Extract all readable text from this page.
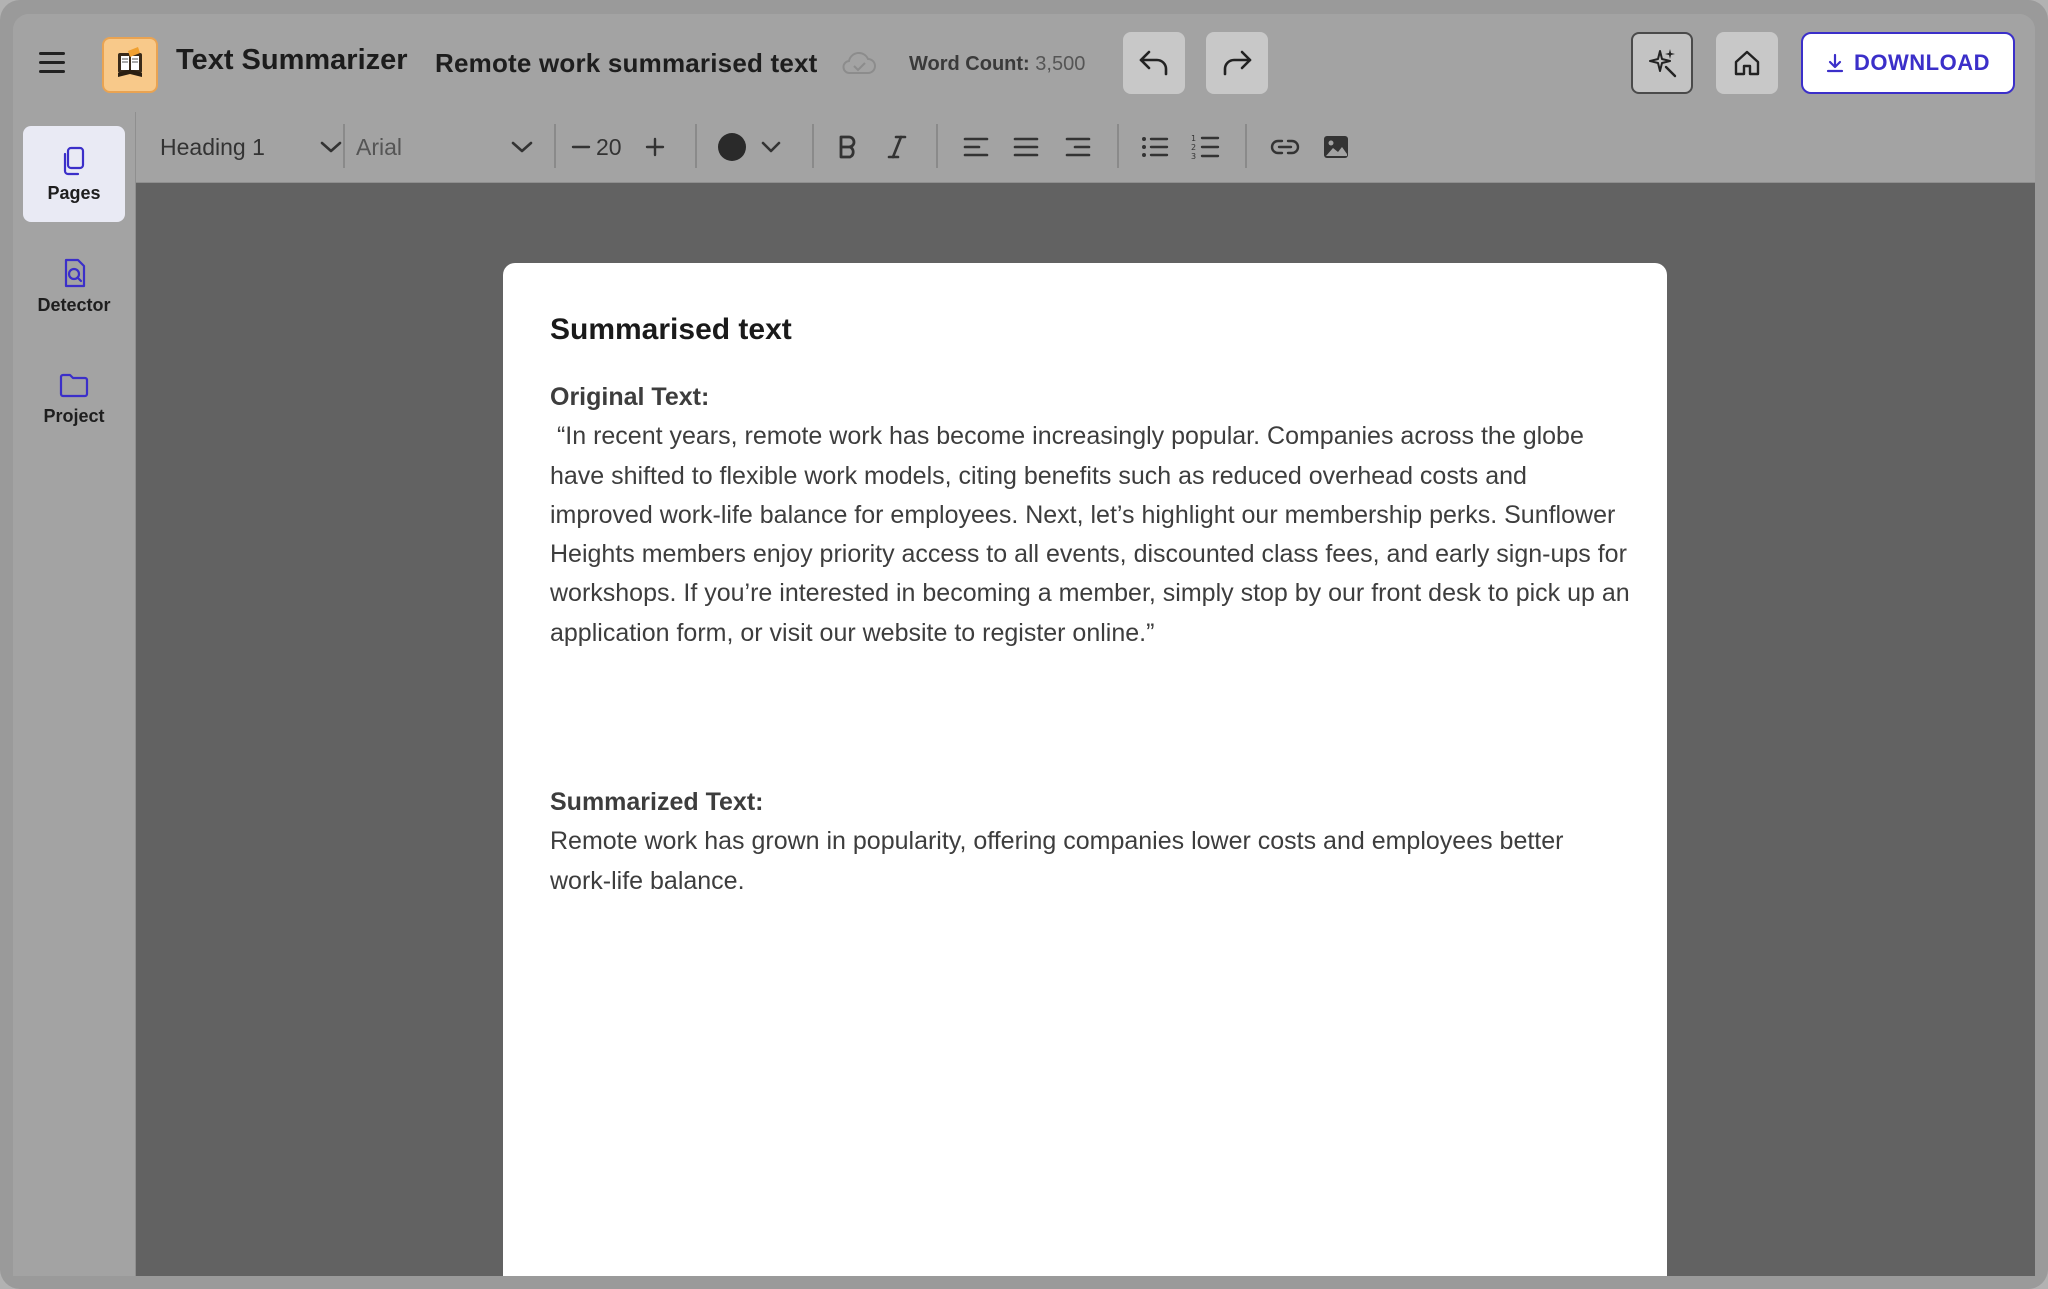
Text Summarizer Remote work summarised text	Word Count: 3,500	DOWNLOAD
Pages
Detector
Project
Heading 1	Arial	20	1
2
3
Summarised text
Original Text:
“In recent years, remote work has become increasingly popular. Companies across the globe have shifted to flexible work models, citing benefits such as reduced overhead costs and improved work-life balance for employees. Next, let’s highlight our membership perks. Sunflower Heights members enjoy priority access to all events, discounted class fees, and early sign-ups for workshops. If you’re interested in becoming a member, simply stop by our front desk to pick up an application form, or visit our website to register online.”
Summarized Text:
Remote work has grown in popularity, offering companies lower costs and employees better work-life balance.
